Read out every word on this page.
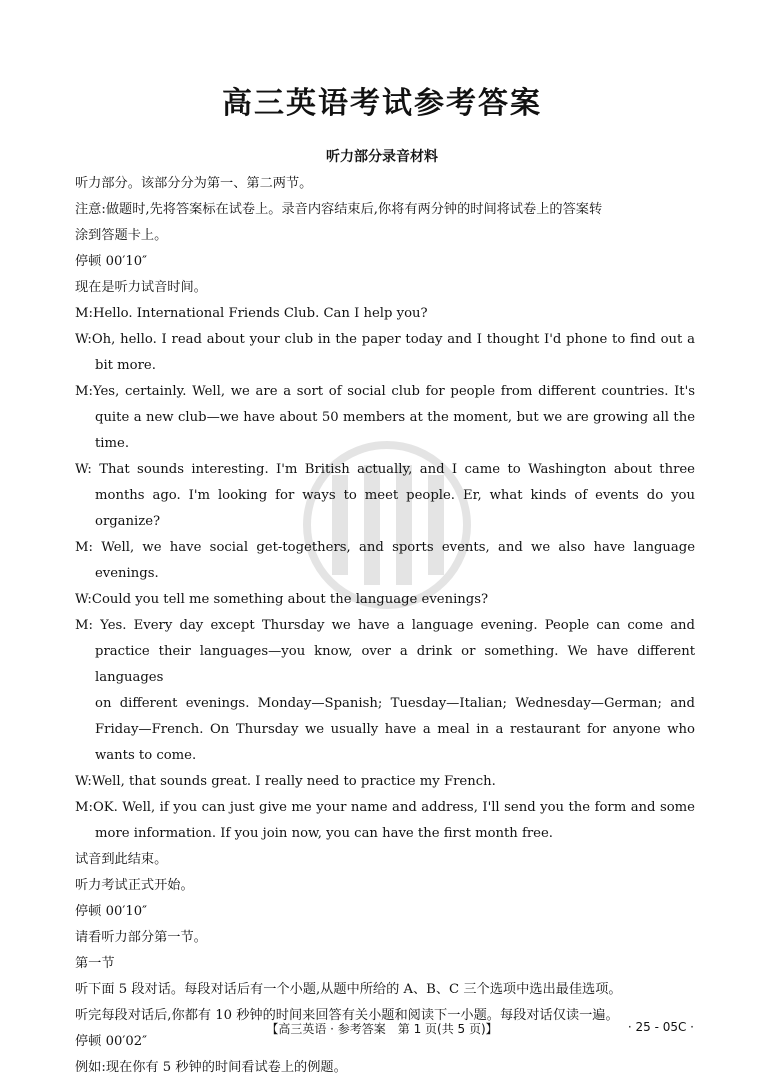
高三英语考试参考答案
听力部分录音材料
听力部分。该部分分为第一、第二两节。
注意:做题时,先将答案标在试卷上。录音内容结束后,你将有两分钟的时间将试卷上的答案转
涂到答题卡上。
停顿 00′10″
现在是听力试音时间。
M:Hello. International Friends Club. Can I help you?
W:Oh, hello. I read about your club in the paper today and I thought I'd phone to find out a
bit more.
M:Yes, certainly. Well, we are a sort of social club for people from different countries. It's
quite a new club—we have about 50 members at the moment, but we are growing all the time.
W: That sounds interesting. I'm British actually, and I came to Washington about three
months ago. I'm looking for ways to meet people. Er, what kinds of events do you organize?
M: Well, we have social get-togethers, and sports events, and we also have language
evenings.
W:Could you tell me something about the language evenings?
M: Yes. Every day except Thursday we have a language evening. People can come and
practice their languages—you know, over a drink or something. We have different languages
on different evenings. Monday—Spanish; Tuesday—Italian; Wednesday—German; and
Friday—French. On Thursday we usually have a meal in a restaurant for anyone who
wants to come.
W:Well, that sounds great. I really need to practice my French.
M:OK. Well, if you can just give me your name and address, I'll send you the form and some
more information. If you join now, you can have the first month free.
试音到此结束。
听力考试正式开始。
停顿 00′10″
请看听力部分第一节。
第一节
听下面 5 段对话。每段对话后有一个小题,从题中所给的 A、B、C 三个选项中选出最佳选项。
听完每段对话后,你都有 10 秒钟的时间来回答有关小题和阅读下一小题。每段对话仅读一遍。
停顿 00′02″
例如:现在你有 5 秒钟的时间看试卷上的例题。
【高三英语 · 参考答案　第 1 页(共 5 页)】	· 25 - 05C ·
